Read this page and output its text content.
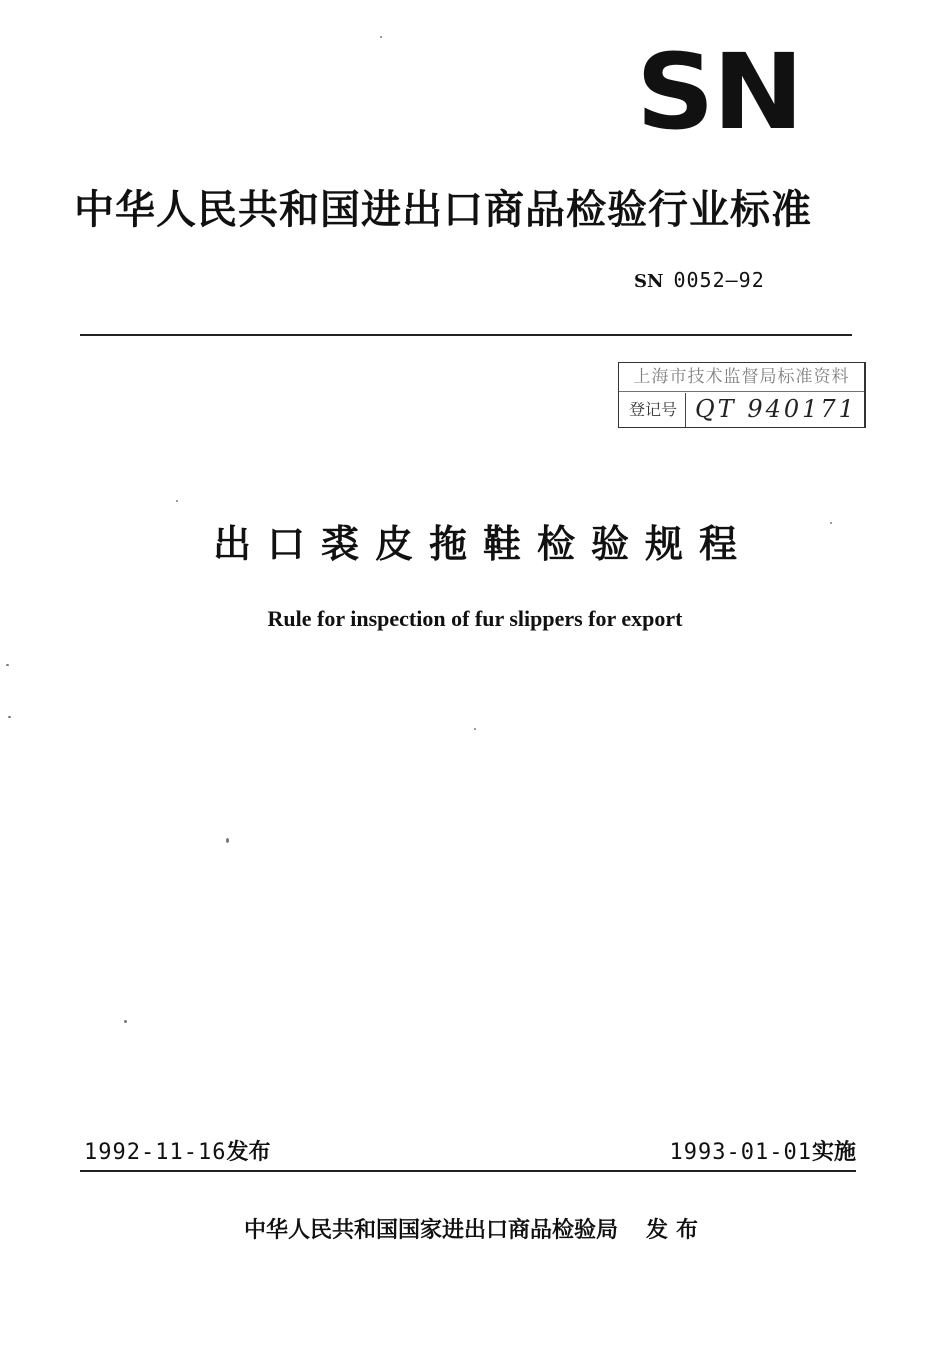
SN
中华人民共和国进出口商品检验行业标准
SN 0052—92
上海市技术监督局标准资料
登记号 QT 940171
出口裘皮拖鞋检验规程
Rule for inspection of fur slippers for export
1992-11-16发布	1993-01-01实施
中华人民共和国国家进出口商品检验局 发布
